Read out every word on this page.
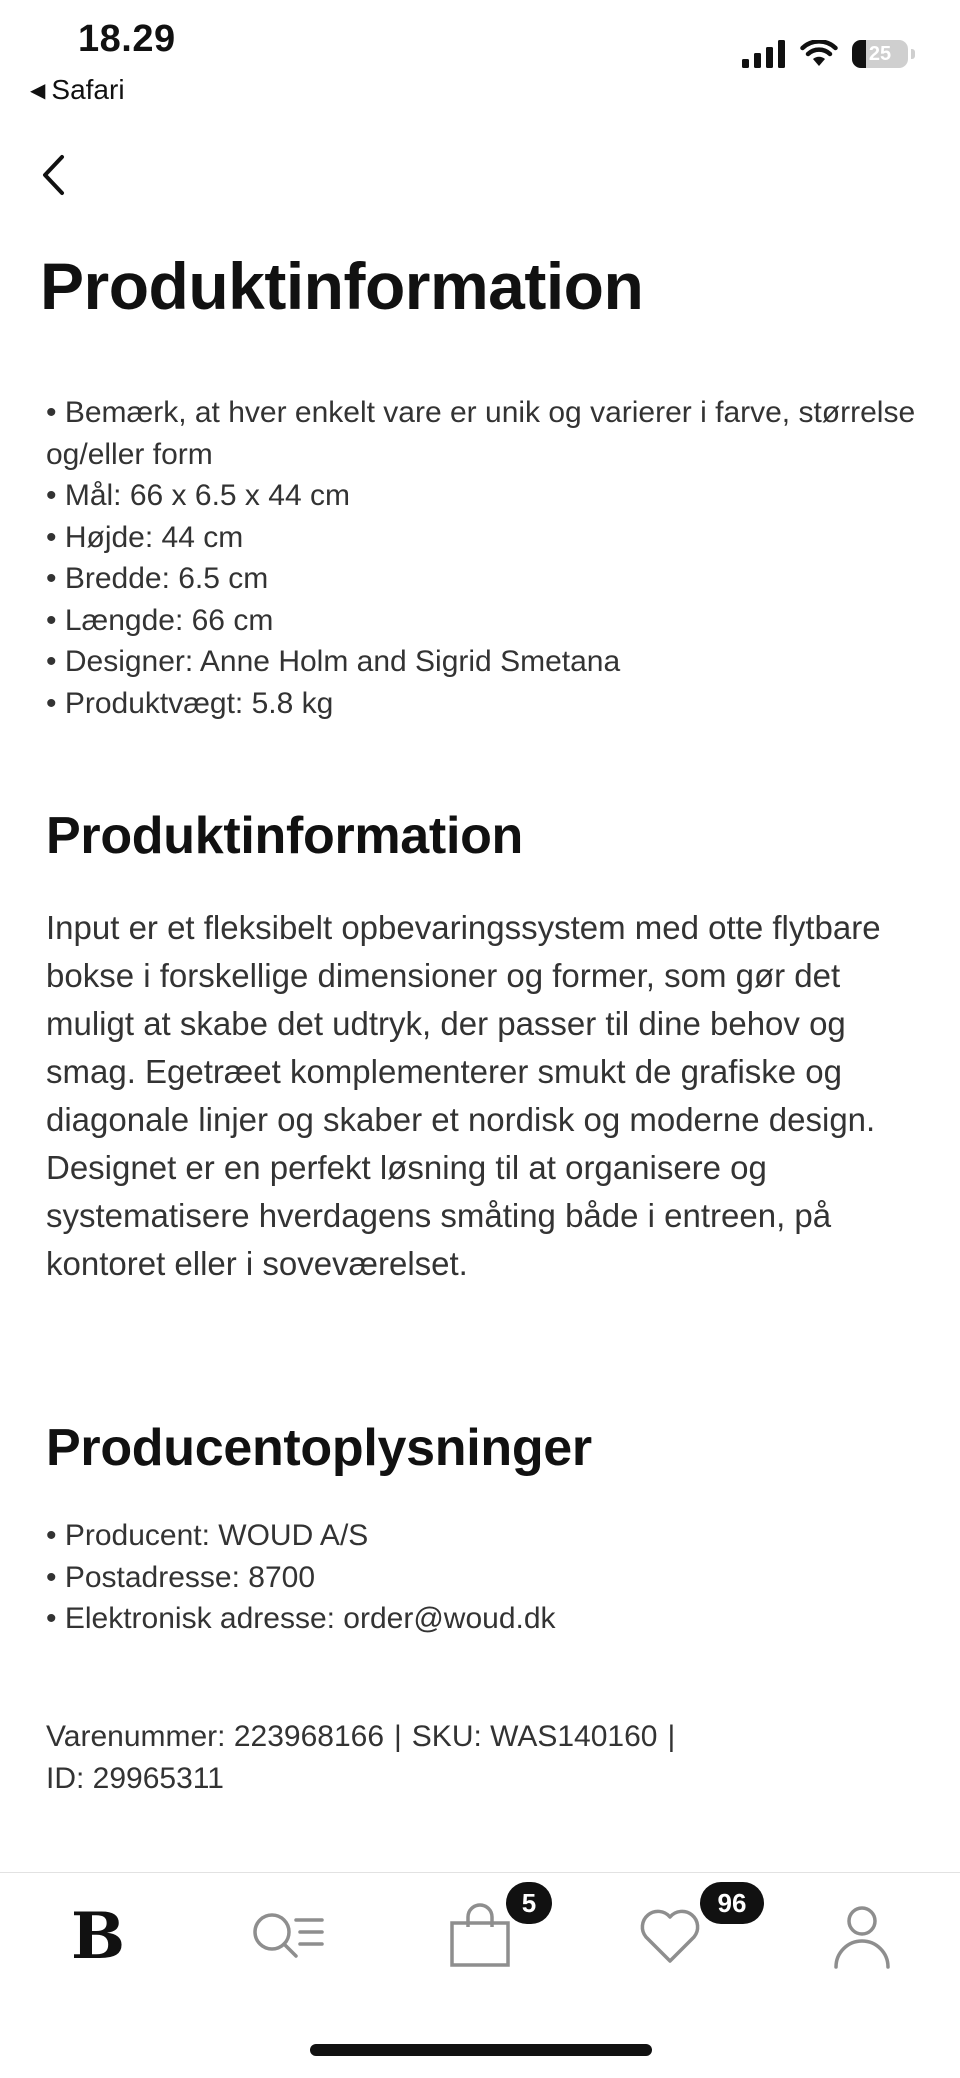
18.29
◀ Safari
25
Produktinformation
• Bemærk, at hver enkelt vare er unik og varierer i farve, størrelse og/eller form
• Mål: 66 x 6.5 x 44 cm
• Højde: 44 cm
• Bredde: 6.5 cm
• Længde: 66 cm
• Designer: Anne Holm and Sigrid Smetana
• Produktvægt: 5.8 kg
Produktinformation

Input er et fleksibelt opbevaringssystem med otte flytbare bokse i forskellige dimensioner og former, som gør det muligt at skabe det udtryk, der passer til dine behov og smag. Egetræet komplementerer smukt de grafiske og diagonale linjer og skaber et nordisk og moderne design. Designet er en perfekt løsning til at organisere og systematisere hverdagens småting både i entreen, på kontoret eller i soveværelset.

Producentoplysninger
• Producent: WOUD A/S
• Postadresse: 8700
• Elektronisk adresse: order@woud.dk

Varenummer: 223968166 | SKU: WAS140160 |
ID: 29965311

B	5	96
